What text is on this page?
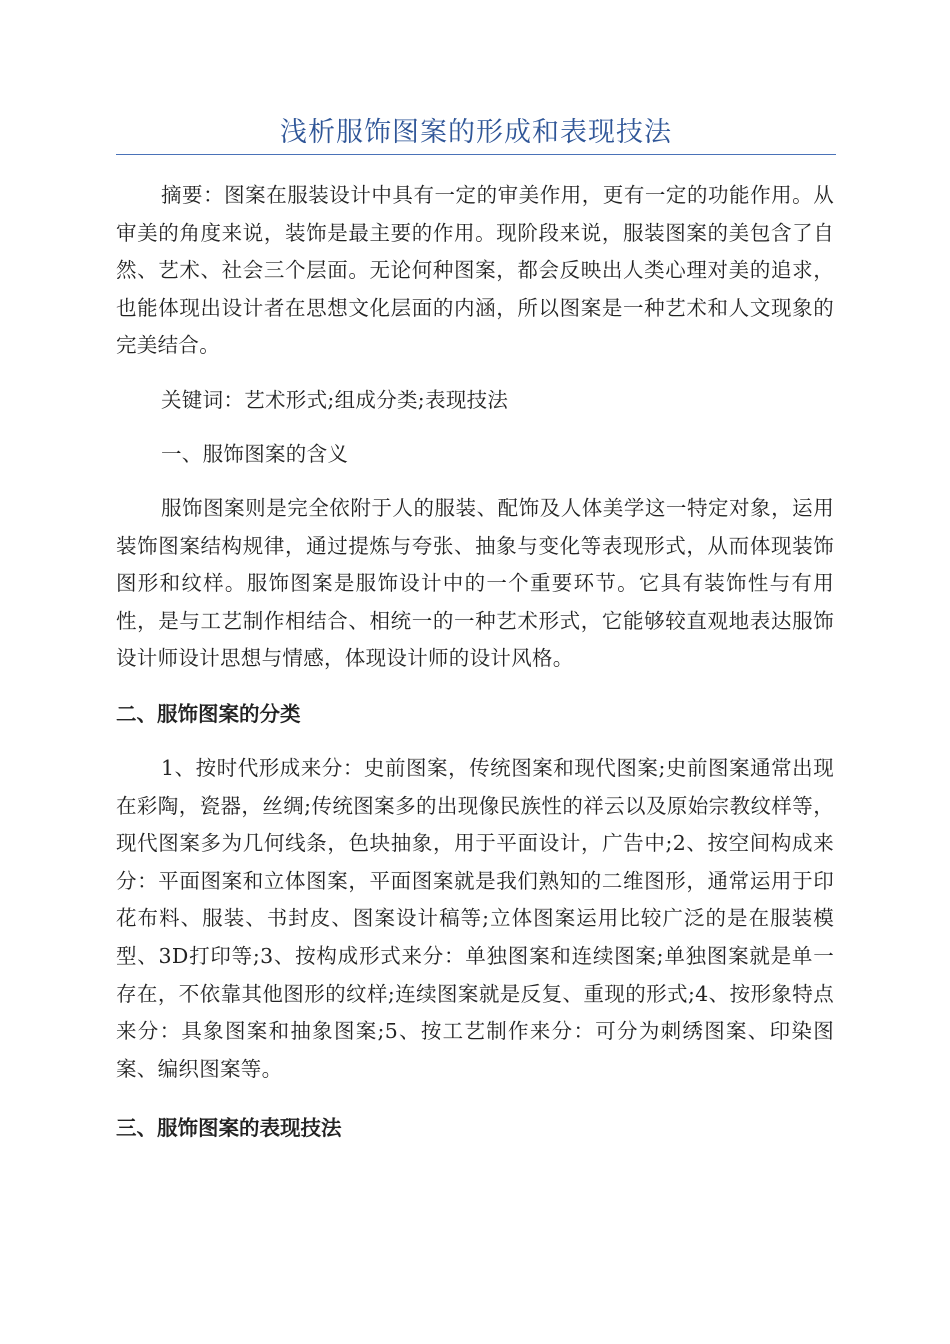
浅析服饰图案的形成和表现技法

摘要：图案在服装设计中具有一定的审美作用，更有一定的功能作用。从审美的角度来说，装饰是最主要的作用。现阶段来说，服装图案的美包含了自然、艺术、社会三个层面。无论何种图案，都会反映出人类心理对美的追求，也能体现出设计者在思想文化层面的内涵，所以图案是一种艺术和人文现象的完美结合。

关键词：艺术形式;组成分类;表现技法

一、服饰图案的含义

服饰图案则是完全依附于人的服装、配饰及人体美学这一特定对象，运用装饰图案结构规律，通过提炼与夸张、抽象与变化等表现形式，从而体现装饰图形和纹样。服饰图案是服饰设计中的一个重要环节。它具有装饰性与有用性，是与工艺制作相结合、相统一的一种艺术形式，它能够较直观地表达服饰设计师设计思想与情感，体现设计师的设计风格。

二、服饰图案的分类

1、按时代形成来分：史前图案，传统图案和现代图案;史前图案通常出现在彩陶，瓷器，丝绸;传统图案多的出现像民族性的祥云以及原始宗教纹样等，现代图案多为几何线条，色块抽象，用于平面设计，广告中;2、按空间构成来分：平面图案和立体图案，平面图案就是我们熟知的二维图形，通常运用于印花布料、服装、书封皮、图案设计稿等;立体图案运用比较广泛的是在服装模型、3D打印等;3、按构成形式来分：单独图案和连续图案;单独图案就是单一存在，不依靠其他图形的纹样;连续图案就是反复、重现的形式;4、按形象特点来分：具象图案和抽象图案;5、按工艺制作来分：可分为刺绣图案、印染图案、编织图案等。

三、服饰图案的表现技法
